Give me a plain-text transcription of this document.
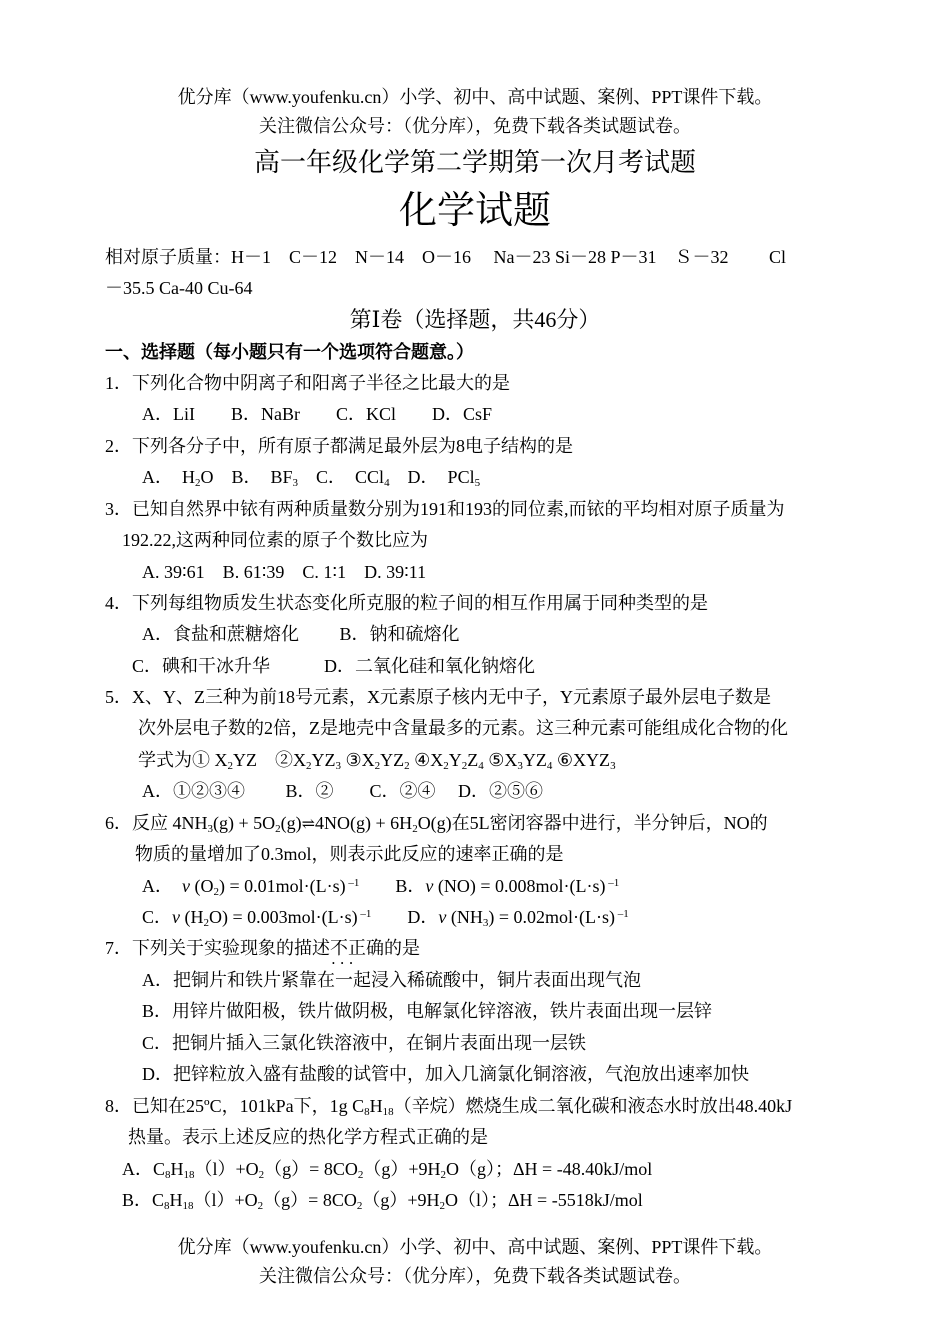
优分库（www.youfenku.cn）小学、初中、高中试题、案例、PPT课件下载。
关注微信公众号：（优分库），免费下载各类试题试卷。
高一年级化学第二学期第一次月考试题
化学试题
相对原子质量：H－1　C－12　N－14　O－16　 Na－23 Si－28 P－31　Ｓ－32　　 Cl
－35.5 Ca-40 Cu-64
第Ⅰ卷（选择题，共46分）
一、选择题（每小题只有一个选项符合题意。）
1．下列化合物中阴离子和阳离子半径之比最大的是
A．LiI　　B．NaBr　　C．KCl　　D．CsF
2．下列各分子中，所有原子都满足最外层为8电子结构的是
A．　$H_2O$　B．　$BF_3$　C．　CCl$_4$　D．　PCl$_5$
3．已知自然界中铱有两种质量数分别为191和193的同位素,而铱的平均相对原子质量为
192.22,这两种同位素的原子个数比应为
A. 39∶61　B. 61∶39　C. 1∶1　D. 39∶11
4．下列每组物质发生状态变化所克服的粒子间的相互作用属于同种类型的是
A．食盐和蔗糖熔化　　 B．钠和硫熔化
C．碘和干冰升华　　　D．二氧化硅和氧化钠熔化
5．X、Y、Z三种为前18号元素，X元素原子核内无中子，Y元素原子最外层电子数是
次外层电子数的2倍，Z是地壳中含量最多的元素。这三种元素可能组成化合物的化
学式为① $X_2YZ$　$②X_2YZ_3$ $③X_2YZ_2$ $④X_2Y_2Z_4$ $⑤X_3YZ_4$ $⑥XYZ_3$
A．①②③④　　 B．②　　C．②④　 D．②⑤⑥
6．反应 $4NH_3(g)$ + $5O_2(g)\rightleftharpoons 4NO(g) + 6H_2O(g)$在5L密闭容器中进行，半分钟后，NO的
物质的量增加了0.3mol，则表示此反应的速率正确的是
A．　v $(O_2) = 0.01mol\cdot(L\cdot s)$ $^{-1}$　　B．v (NO) = 0.008mol·(L·s) $^{-1}$
C．v $(H_2O) = 0.003mol\cdot(L\cdot s)$ $^{-1}$　　D．v $(NH_3) = 0.02mol\cdot(L\cdot s)$ $^{-1}$
7．下列关于实验现象的描述不正确 • • •的是
A．把铜片和铁片紧靠在一起浸入稀硫酸中，铜片表面出现气泡
B．用锌片做阳极，铁片做阴极，电解氯化锌溶液，铁片表面出现一层锌
C．把铜片插入三氯化铁溶液中，在铜片表面出现一层铁
D．把锌粒放入盛有盐酸的试管中，加入几滴氯化铜溶液，气泡放出速率加快
8．已知在25ºC，101kPa下，1g $C_8H_{18}$（辛烷）燃烧生成二氧化碳和液态水时放出48.40kJ
热量。表示上述反应的热化学方程式正确的是
A．$C_8H_{18}(l)+O_2(g)= 8CO_2(g)+9H_2O(g)$；ΔH = -48.40kJ/mol
B．$C_8H_{18}(l)+O_2(g)= 8CO_2(g)+9H_2O(l)$；ΔH = -5518kJ/mol
优分库（www.youfenku.cn）小学、初中、高中试题、案例、PPT课件下载。
关注微信公众号：（优分库），免费下载各类试题试卷。
